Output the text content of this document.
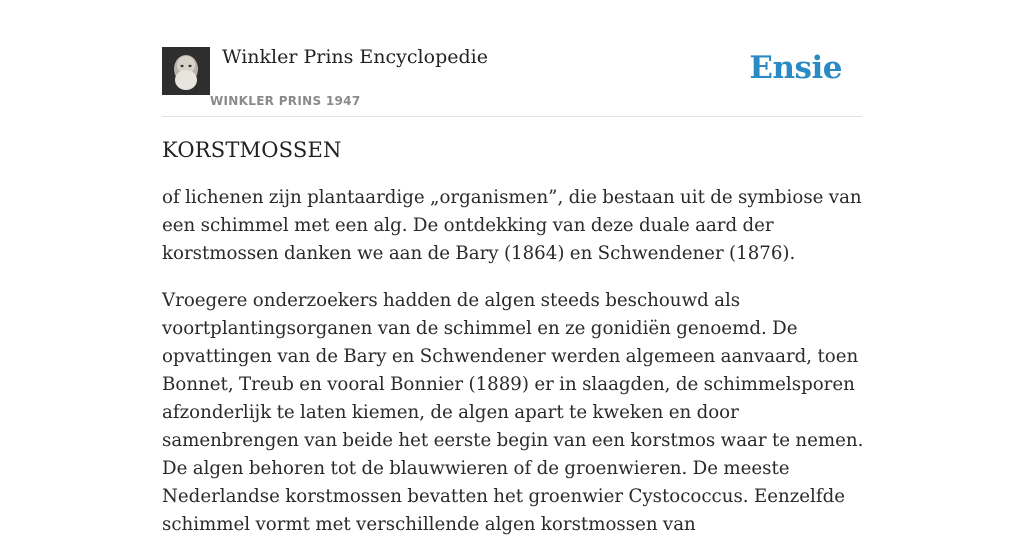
Winkler Prins Encyclopedie
WINKLER PRINS 1947
Ensie
KORSTMOSSEN

of lichenen zijn plantaardige „organismen”, die bestaan uit de symbiose van een schimmel met een alg. De ontdekking van deze duale aard der korstmossen danken we aan de Bary (1864) en Schwendener (1876).

Vroegere onderzoekers hadden de algen steeds beschouwd als voortplantingsorganen van de schimmel en ze gonidiën genoemd. De opvattingen van de Bary en Schwendener werden algemeen aanvaard, toen Bonnet, Treub en vooral Bonnier (1889) er in slaagden, de schimmelsporen afzonderlijk te laten kiemen, de algen apart te kweken en door samenbrengen van beide het eerste begin van een korstmos waar te nemen. De algen behoren tot de blauwwieren of de groenwieren. De meeste Nederlandse korstmossen bevatten het groenwier Cystococcus. Eenzelfde schimmel vormt met verschillende algen korstmossen van
